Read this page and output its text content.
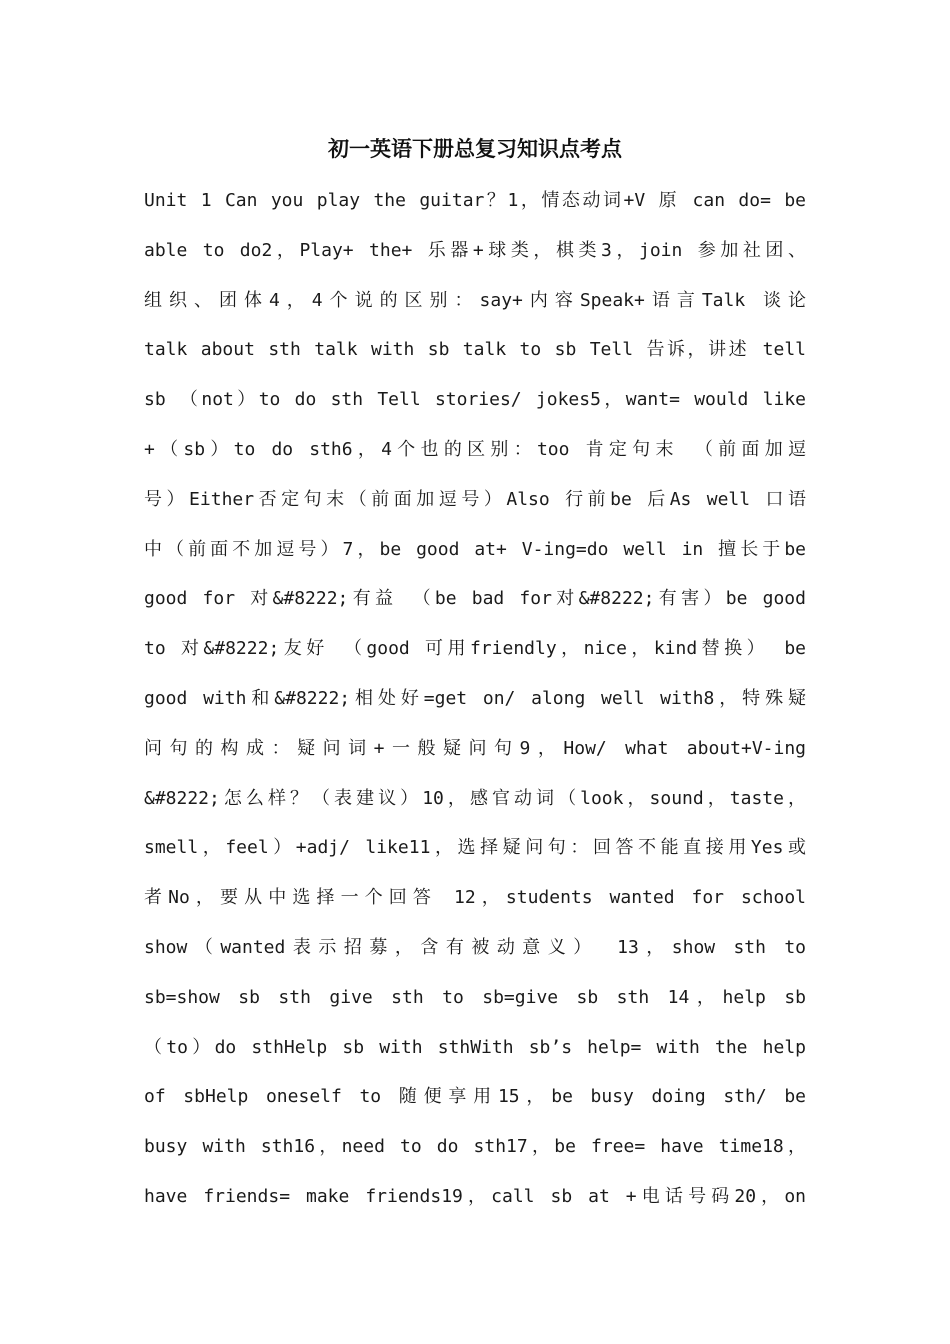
初一英语下册总复习知识点考点
Unit 1 Can you play the guitar？1，情态动词+V 原 can do= be
able to do2，Play+ the+ 乐器+球类，棋类3，join 参加社团、
组织、团体4，4个说的区别：say+内容Speak+语言Talk 谈论
talk about sth talk with sb talk to sb Tell 告诉，讲述 tell
sb （not）to do sth Tell stories/ jokes5，want= would like
+（sb）to do sth6，4个也的区别：too 肯定句末 （前面加逗
号）Either否定句末（前面加逗号）Also 行前be 后As well 口语
中（前面不加逗号）7，be good at+ V-ing=do well in 擅长于be
good for 对&#8222;有益 （be bad for对&#8222;有害）be good
to 对&#8222;友好 （good 可用friendly，nice，kind替换） be
good with和&#8222;相处好=get on/ along well with8，特殊疑
问句的构成：疑问词+一般疑问句9，How/ what about+V-ing
&#8222;怎么样？（表建议）10，感官动词（look，sound，taste，
smell，feel）+adj/ like11，选择疑问句：回答不能直接用Yes或
者No，要从中选择一个回答 12，students wanted for school
show（wanted表示招募，含有被动意义） 13，show sth to
sb=show sb sth give sth to sb=give sb sth 14，help sb
（to）do sthHelp sb with sthWith sb’s help= with the help
of sbHelp oneself to 随便享用15，be busy doing sth/ be
busy with sth16，need to do sth17，be free= have time18，
have friends= make friends19，call sb at +电话号码20，on
